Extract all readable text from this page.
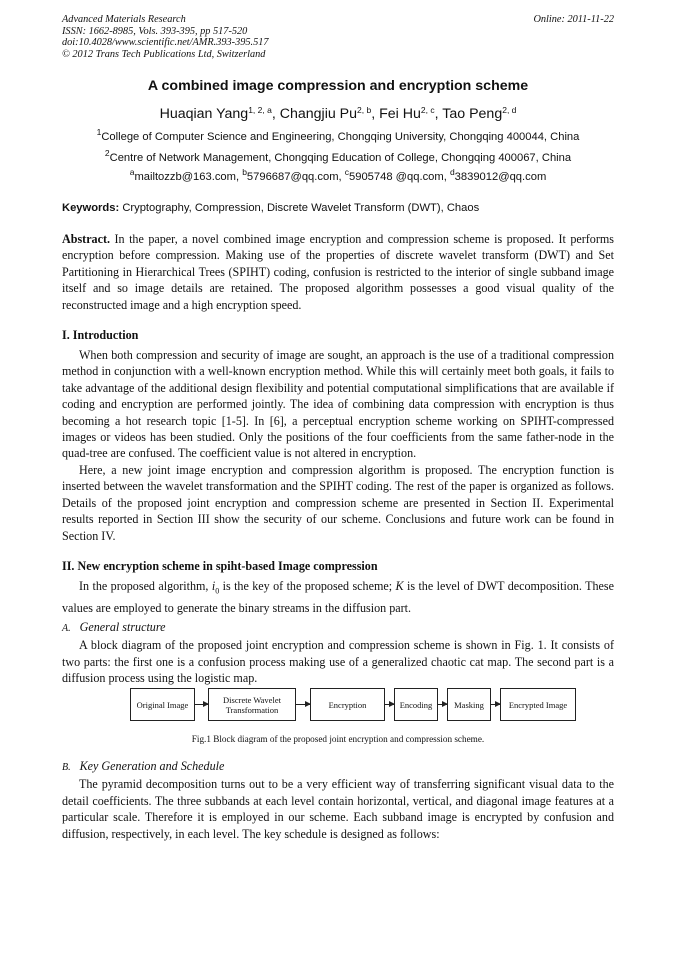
Advanced Materials Research
ISSN: 1662-8985, Vols. 393-395, pp 517-520
doi:10.4028/www.scientific.net/AMR.393-395.517
© 2012 Trans Tech Publications Ltd, Switzerland
Online: 2011-11-22
A combined image compression and encryption scheme
Huaqian Yang$^{1, 2, a}$, Changjiu Pu$^{2, b}$, Fei Hu$^{2, c}$, Tao Peng$^{2, d}$
$^1$College of Computer Science and Engineering, Chongqing University, Chongqing 400044, China
$^2$Centre of Network Management, Chongqing Education of College, Chongqing 400067, China
$^a$mailtozzb@163.com, $^b$5796687@qq.com, $^c$5905748 @qq.com, $^d$3839012@qq.com
Keywords: Cryptography, Compression, Discrete Wavelet Transform (DWT), Chaos
Abstract. In the paper, a novel combined image encryption and compression scheme is proposed. It performs encryption before compression. Making use of the properties of discrete wavelet transform (DWT) and Set Partitioning in Hierarchical Trees (SPIHT) coding, confusion is restricted to the interior of single subband image itself and so image details are retained. The proposed algorithm possesses a good visual quality of the reconstructed image and a high encryption speed.
I. Introduction
When both compression and security of image are sought, an approach is the use of a traditional compression method in conjunction with a well-known encryption method. While this will certainly meet both goals, it fails to take advantage of the additional design flexibility and potential computational simplifications that are available if coding and encryption are performed jointly. The idea of combining data compression with encryption is thus becoming a hot research topic [1-5]. In [6], a perceptual encryption scheme working on SPIHT-compressed images or videos has been studied. Only the positions of the four coefficients from the same father-node in the quad-tree are confused. The coefficient value is not altered in encryption.
Here, a new joint image encryption and compression algorithm is proposed. The encryption function is inserted between the wavelet transformation and the SPIHT coding. The rest of the paper is organized as follows. Details of the proposed joint encryption and compression scheme are presented in Section II. Experimental results reported in Section III show the security of our scheme. Conclusions and future work can be found in Section IV.
II. New encryption scheme in spiht-based Image compression
In the proposed algorithm, $i_0$ is the key of the proposed scheme; K is the level of DWT decomposition. These values are employed to generate the binary streams in the diffusion part.
A. General structure
A block diagram of the proposed joint encryption and compression scheme is shown in Fig. 1. It consists of two parts: the first one is a confusion process making use of a generalized chaotic cat map. The second part is a diffusion process using the logistic map.
Original Image	Discrete Wavelet Transformation	Encryption	Encoding	Masking	Encrypted Image
Fig.1 Block diagram of the proposed joint encryption and compression scheme.
B. Key Generation and Schedule
The pyramid decomposition turns out to be a very efficient way of transferring significant visual data to the detail coefficients. The three subbands at each level contain horizontal, vertical, and diagonal image features at a particular scale. Therefore it is employed in our scheme. Each subband image is encrypted by confusion and diffusion, respectively, in each level. The key schedule is designed as follows:
